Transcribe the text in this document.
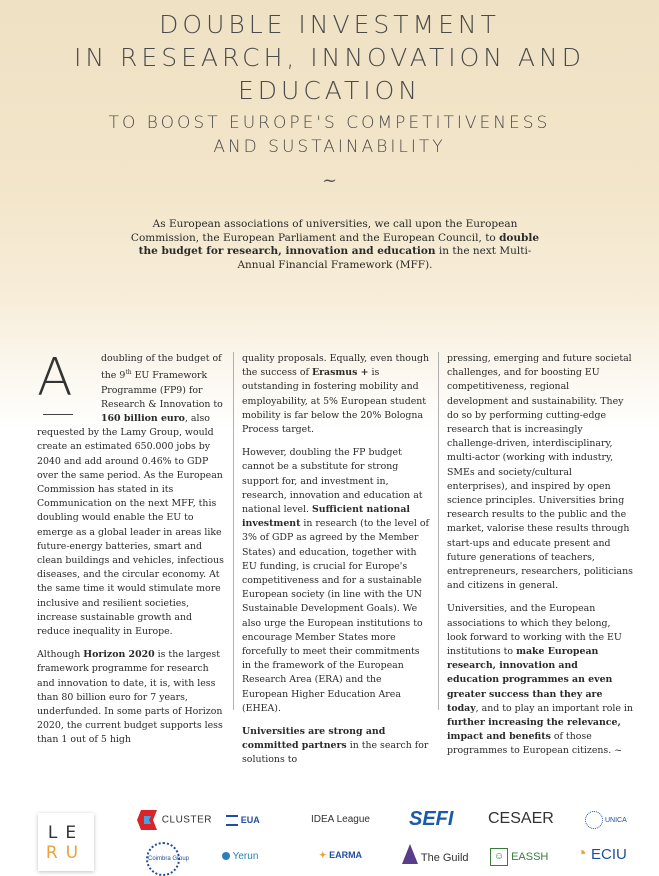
DOUBLE INVESTMENT
IN RESEARCH, INNOVATION AND
EDUCATION
TO BOOST EUROPE'S COMPETITIVENESS
AND SUSTAINABILITY
~
As European associations of universities, we call upon the European Commission, the European Parliament and the European Council, to double the budget for research, innovation and education in the next Multi-Annual Financial Framework (MFF).

A	doubling of the budget of the 9th EU Framework Programme (FP9) for Research & Innovation to 160 billion euro, also requested by the Lamy Group, would create an estimated 650.000 jobs by 2040 and add around 0.46% to GDP over the same period. As the European Commission has stated in its Communication on the next MFF, this doubling would enable the EU to emerge as a global leader in areas like future-energy batteries, smart and clean buildings and vehicles, infectious diseases, and the circular economy. At the same time it would stimulate more inclusive and resilient societies, increase sustainable growth and reduce inequality in Europe.

Although Horizon 2020 is the largest framework programme for research and innovation to date, it is, with less than 80 billion euro for 7 years, underfunded. In some parts of Horizon 2020, the current budget supports less than 1 out of 5 high

quality proposals. Equally, even though the success of Erasmus + is outstanding in fostering mobility and employability, at 5% European student mobility is far below the 20% Bologna Process target.

However, doubling the FP budget cannot be a substitute for strong support for, and investment in, research, innovation and education at national level. Sufficient national investment in research (to the level of 3% of GDP as agreed by the Member States) and education, together with EU funding, is crucial for Europe's competitiveness and for a sustainable European society (in line with the UN Sustainable Development Goals). We also urge the European institutions to encourage Member States more forcefully to meet their commitments in the framework of the European Research Area (ERA) and the European Higher Education Area (EHEA).

Universities are strong and committed partners in the search for solutions to

pressing, emerging and future societal challenges, and for boosting EU competitiveness, regional development and sustainability. They do so by performing cutting-edge research that is increasingly challenge-driven, interdisciplinary, multi-actor (working with industry, SMEs and society/cultural enterprises), and inspired by open science principles. Universities bring research results to the public and the market, valorise these results through start-ups and educate present and future generations of teachers, entrepreneurs, researchers, politicians and citizens in general.

Universities, and the European associations to which they belong, look forward to working with the EU institutions to make European research, innovation and education programmes an even greater success than they are today, and to play an important role in further increasing the relevance, impact and benefits of those programmes to European citizens. ~

LE
RU
CLUSTER	EUA	IDEA League SEFI CESAER	UNICA
Coimbra Group	Yerun	✦ EARMA	The Guild	☺ EASSH ◔ ECIU
